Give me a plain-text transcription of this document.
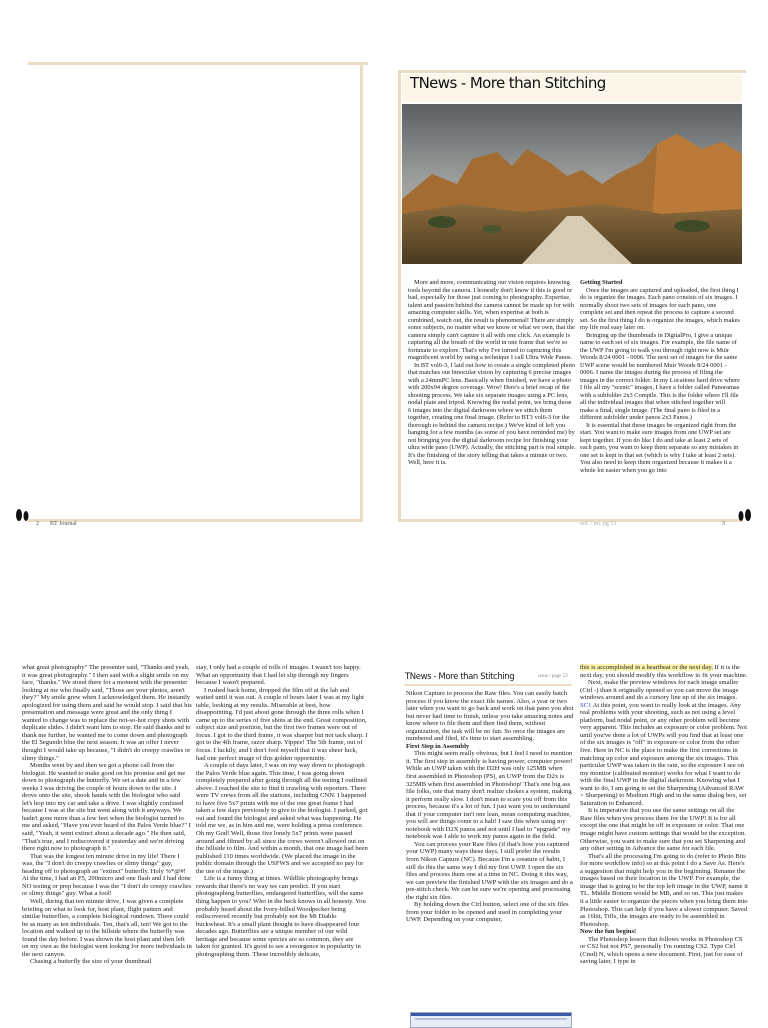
2 BT Journal	vol. / no. pg 53	3
TNews - More than Stitching

More and more, communicating our vision requires knowing tools beyond the camera. I honestly don't know if this is good or bad, especially for those just coming to photography. Expertise, talent and passion behind the camera cannot be made up for with amazing computer skills. Yet, when expertise at both is combined, watch out, the result is phenomenal! There are simply some subjects, no matter what we know or what we own, that the camera simply can't capture it all with one click. An example is capturing all the breath of the world in one frame that we're so fortunate to explore. That's why I've turned to capturing this magnificent world by using a technique I call Ultra Wide Panos.

In BT vol6-3, I laid out how to create a single completed photo that matches our binocular vision by capturing 6 precise images with a 24mmPC lens. Basically when finished, we have a photo with 200x94 degree coverage. Wow! Here's a brief recap of the shooting process. We take six separate images using a PC lens, nodal plate and tripod. Knowing the nodal point, we bring those 6 images into the digital darkroom where we stitch them together, creating one final image. (Refer to BT3 vol6-3 for the thorough to behind the camera recipe.) We've kind of left you hanging for a few months (as some of you have reminded me) by not bringing you the digital darkroom recipe for finishing your ultra wide pano (UWP). Actually, the stitching part is real simple. It's the finishing of the story telling that takes a minute or two. Well, here it is.

Getting Started

Once the images are captured and uploaded, the first thing I do is organize the images. Each pano consists of six images. I normally shoot two sets of images for each pano, one complete set and then repeat the process to capture a second set. So the first thing I do is organize the images, which makes my life real easy later on.

Bringing up the thumbnails in DigitalPro, I give a unique name to each set of six images. For example, the file name of the UWP I'm going to walk you through right now is Muir Woods 8/24 0001 - 0006. The next set of images for the same UWP scene would be numbered Muir Woods 8/24 0001 - 0006. I name the images during the process of filing the images in the correct folder. In my Locations hard drive where I file all my "scenic" images, I have a folder called Panoramas with a subfolder 2x3 Compile. This is the folder where I'll file all the individual images that when stitched together will make a final, single image. (The final pano is filed in a different subfolder under panos 2x3 Panos.)

It is essential that these images be organized right from the start. You want to make sure images from one UWP set are kept together. If you do like I do and take at least 2 sets of each pano, you want to keep them separate so any mistakes in one set is kept in that set (which is why I take at least 2 sets). You also need to keep them organized because it makes it a whole lot easier when you go into

what great photography" The presenter said, "Thanks and yeah, it was great photography." I then said with a slight smile on my face, "thanks." We stood there for a moment with the presenter looking at me who finally said, "Those are your photos, aren't they?" My smile grew when I acknowledged them. He instantly apologized for using them and said he would stop. I said that his presentation and message were great and the only thing I wanted to change was to replace the not-so-hot copy shots with duplicate slides. I didn't want him to stop. He said thanks and to thank me further, he wanted me to come down and photograph the El Segundo blue the next season. It was an offer I never thought I would take up because, "I didn't do creepy crawlies or slimy things."

Months went by and then we got a phone call from the biologist. He wanted to make good on his promise and get me down to photograph the butterfly. We set a date and in a few weeks I was driving the couple of hours down to the site. I drove onto the site, shook hands with the biologist who said let's hop into my car and take a drive. I was slightly confused because I was at the site but went along with it anyways. We hadn't gone more than a few feet when the biologist turned to me and asked, "Have you ever heard of the Palos Verde blue?" I said, "Yeah, it went extinct about a decade ago." He then said, "That's true, and I rediscovered it yesterday and we're driving there right now to photograph it."

That was the longest ten minute drive in my life! There I was, the "I don't do creepy crawlies or slimy things" guy, heading off to photograph an "extinct" butterfly. Holy %*@#! At the time, I had an F5, 200micro and one flash and I had done NO testing or prep because I was the "I don't do creepy crawlies or slimy things" guy. What a fool!

Well, during that ten minute drive, I was given a complete briefing on what to look for, host plant, flight pattern and similar butterflies, a complete biological rundown. There could be as many as ten individuals. Ten, that's all, ten! We got to the location and walked up to the hillside where the butterfly was found the day before. I was shown the host plant and then left on my own as the biologist went looking for more individuals in the next canyon.

Chasing a butterfly the size of your thumbnail

stay, I only had a couple of rolls of images. I wasn't too happy. What an opportunity that I had let slip through my fingers because I wasn't prepared.

I rushed back home, dropped the film off at the lab and waited until it was out. A couple of hours later I was at my light table, looking at my results. Miserable at best, how disappointing. I'd just about gone through the three rolls when I came up to the series of five shots at the end. Great composition, subject size and position, but the first two frames were out of focus. I got to the third frame, it was sharper but not tack sharp. I got to the 4th frame, razor sharp. Yippee! The 5th frame, out of focus. I luckily, and I don't fool myself that it was sheer luck, had one perfect image of this golden opportunity.

A couple of days later, I was on my way down to photograph the Palos Verde blue again. This time, I was going down completely prepared after going through all the testing I outlined above. I reached the site to find it crawling with reporters. There were TV crews from all the stations, including CNN. I happened to have five 5x7 prints with me of the one great frame I had taken a few days previously to give to the biologist. I parked, got out and found the biologist and asked what was happening. He told me we, as in him and me, were holding a press conference. Oh my God! Well, those five lonely 5x7 prints were passed around and filmed by all since the crews weren't allowed out on the hillside to film. And within a month, that one image had been published 110 times worldwide. (We placed the image in the public domain through the USFWS and we accepted no pay for the use of the image.)

Life is a funny thing at times. Wildlife photography brings rewards that there's no way we can predict. If you start photographing butterflies, endangered butterflies, will the same thing happen to you? Who in the heck knows in all honesty. You probably heard about the Ivory-billed Woodpecker being rediscovered recently but probably not the Mt Diablo buckwheat. It's a small plant thought to have disappeared four decades ago. Butterflies are a unique member of our wild heritage and because some species are so common, they are taken for granted. It's good to see a resurgence in popularity in photographing them. These incredibly delicate,

TNews - More than Stitching	issue / page 53

Nikon Capture to process the Raw files. You can easily batch process if you know the exact file names. Also, a year or two later when you want to go back and work on that pano you shot but never had time to finish, unless you take amazing notes and know where to file them and then find them, without organization, the task will be no fun. So once the images are numbered and filed, it's time to start assembling.

First Step in Assembly

This might seem really obvious, but I feel I need to mention it. The first step in assembly is having power, computer power! While an UWP taken with the D2H was only 125MB when first assembled in Photoshop (PS), an UWP from the D2x is 325MB when first assembled in Photoshop! That's one big ass file folks, one that many don't realize chokes a system, making it perform really slow. I don't mean to scare you off from this process, because it's a lot of fun. I just want you to understand that if your computer isn't one lean, mean computing machine, you will see things come to a halt! I saw this when using my notebook with D2X panos and not until I had to "upgrade" my notebook was I able to work my panos again in the field.

You can process your Raw files (if that's how you captured your UWP) many ways these days, I still prefer the results from Nikon Capture (NC). Because I'm a creature of habit, I still do this the same way I did my first UWP. I open the six files and process them one at a time in NC. Doing it this way, we can preview the finished UWP with the six images and do a pre-stitch check. We can be sure we're opening and processing the right six files.

By holding down the Ctrl button, select one of the six files from your folder to be opened and used in completing your UWP. Depending on your computer,

this is accomplished in a heartbeat or the next day. If it is the next day, you should modify this workflow to fit your machine.

Next, make the preview windows for each image smaller (Ctrl -) than it originally opened so you can move the image windows around and do a cursory line up of the six images. SC1 At this point, you want to really look at the images. Any real problems with your shooting, such as not using a level platform, bad nodal point, or any other problem will become very apparent. This includes an exposure or color problem. Not until you've done a lot of UWPs will you find that at least one of the six images is "off" in exposure or color from the other five. Here in NC is the place to make the first corrections in matching up color and exposure among the six images. This particular UWP was taken in the rain, so the exposure I see on my monitor (calibrated monitor) works for what I want to do with the final UWP in the digital darkroom. Knowing what I want to do, I am going to set the Sharpening (Advanced RAW > Sharpening) to Medium High and in the same dialog box, set Saturation to Enhanced.

It is imperative that you use the same settings on all the Raw files when you process them for the UWP! It is for all except the one that might be off in exposure or color. That one image might have custom settings that would be the exception. Otherwise, you want to make sure that you set Sharpening and any other setting in Advance the same for each file.

That's all the processing I'm going to do (refer to Photo Bits for more workflow info) so at this point I do a Save As. Here's a suggestion that might help you in the beginning. Rename the images based on their location in the UWP. For example, the image that is going to be the top left image in the UWP, name it TL. Middle Bottom would be MB, and so on. This just makes it a little easier to organize the pieces when you bring them into Photoshop. This can help if you have a slower computer. Saved as 16bit, Tiffs, the images are ready to be assembled in Photoshop.

Now the fun begins!

The Photoshop lesson that follows works in Photoshop CS or CS2 but not PS7, personally I'm running CS2. Type Ctrl (Cmd) N, which opens a new document. First, just for ease of saving later, I type in
